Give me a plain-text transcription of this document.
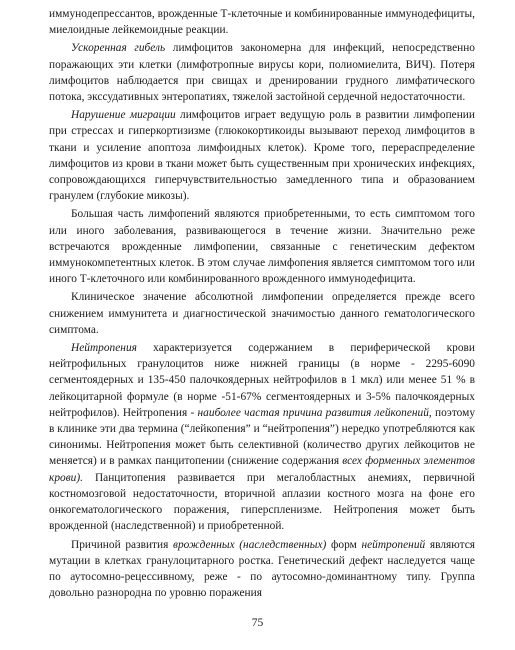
иммунодепрессантов, врожденные Т-клеточные и комбинированные иммунодефициты, миелоидные лейкемоидные реакции.

Ускоренная гибель лимфоцитов закономерна для инфекций, непосредственно поражающих эти клетки (лимфотропные вирусы кори, полиомиелита, ВИЧ). Потеря лимфоцитов наблюдается при свищах и дренировании грудного лимфатического потока, экссудативных энтеропатиях, тяжелой застойной сердечной недостаточности.

Нарушение миграции лимфоцитов играет ведущую роль в развитии лимфопении при стрессах и гиперкортизизме (глюкокортикоиды вызывают переход лимфоцитов в ткани и усиление апоптоза лимфоидных клеток). Кроме того, перераспределение лимфоцитов из крови в ткани может быть существенным при хронических инфекциях, сопровождающихся гиперчувствительностью замедленного типа и образованием гранулем (глубокие микозы).

Большая часть лимфопений являются приобретенными, то есть симптомом того или иного заболевания, развивающегося в течение жизни. Значительно реже встречаются врожденные лимфопении, связанные с генетическим дефектом иммунокомпетентных клеток. В этом случае лимфопения является симптомом того или иного Т-клеточного или комбинированного врожденного иммунодефицита.

Клиническое значение абсолютной лимфопении определяется прежде всего снижением иммунитета и диагностической значимостью данного гематологического симптома.

Нейтропения характеризуется содержанием в периферической крови нейтрофильных гранулоцитов ниже нижней границы (в норме - 2295-6090 сегментоядерных и 135-450 палочкоядерных нейтрофилов в 1 мкл) или менее 51 % в лейкоцитарной формуле (в норме -51-67% сегментоядерных и 3-5% палочкоядерных нейтрофилов). Нейтропения - наиболее частая причина развития лейкопений, поэтому в клинике эти два термина (“лейкопения” и “нейтропения”) нередко употребляются как синонимы. Нейтропения может быть селективной (количество других лейкоцитов не меняется) и в рамках панцитопении (снижение содержания всех форменных элементов крови). Панцитопения развивается при мегалобластных анемиях, первичной костномозговой недостаточности, вторичной аплазии костного мозга на фоне его онкогематологического поражения, гиперспленизме. Нейтропения может быть врожденной (наследственной) и приобретенной.

Причиной развития врожденных (наследственных) форм нейтропений являются мутации в клетках гранулоцитарного ростка. Генетический дефект наследуется чаще по аутосомно-рецессивному, реже - по аутосомно-доминантному типу. Группа довольно разнородна по уровню поражения

75
